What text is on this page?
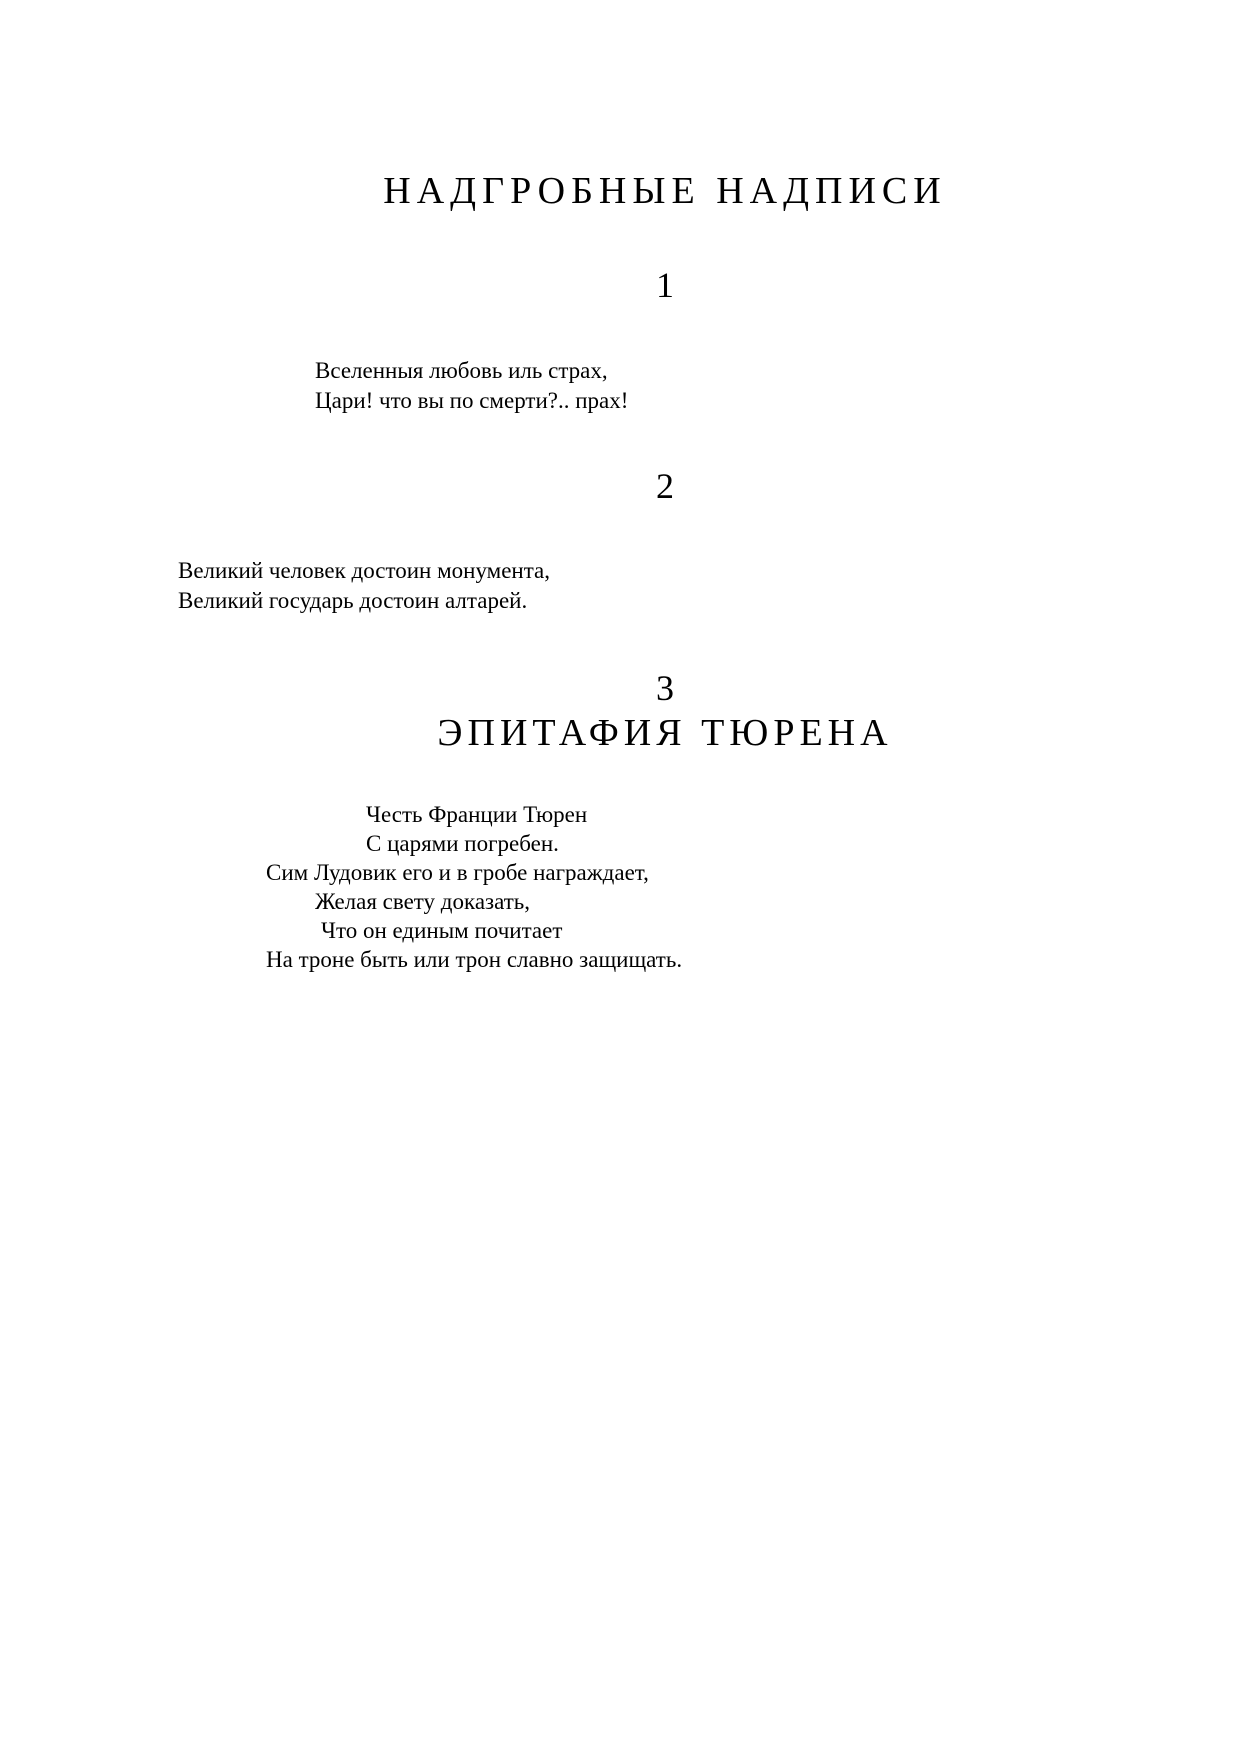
НАДГРОБНЫЕ НАДПИСИ
1
Вселенныя любовь иль страх,
Цари! что вы по смерти?.. прах!
2
Великий человек достоин монумента,
Великий государь достоин алтарей.
3
ЭПИТАФИЯ ТЮРЕНА
Честь Франции Тюрен
С царями погребен.
Сим Лудовик его и в гробе награждает,
Желая свету доказать,
Что он единым почитает
На троне быть или трон славно защищать.
